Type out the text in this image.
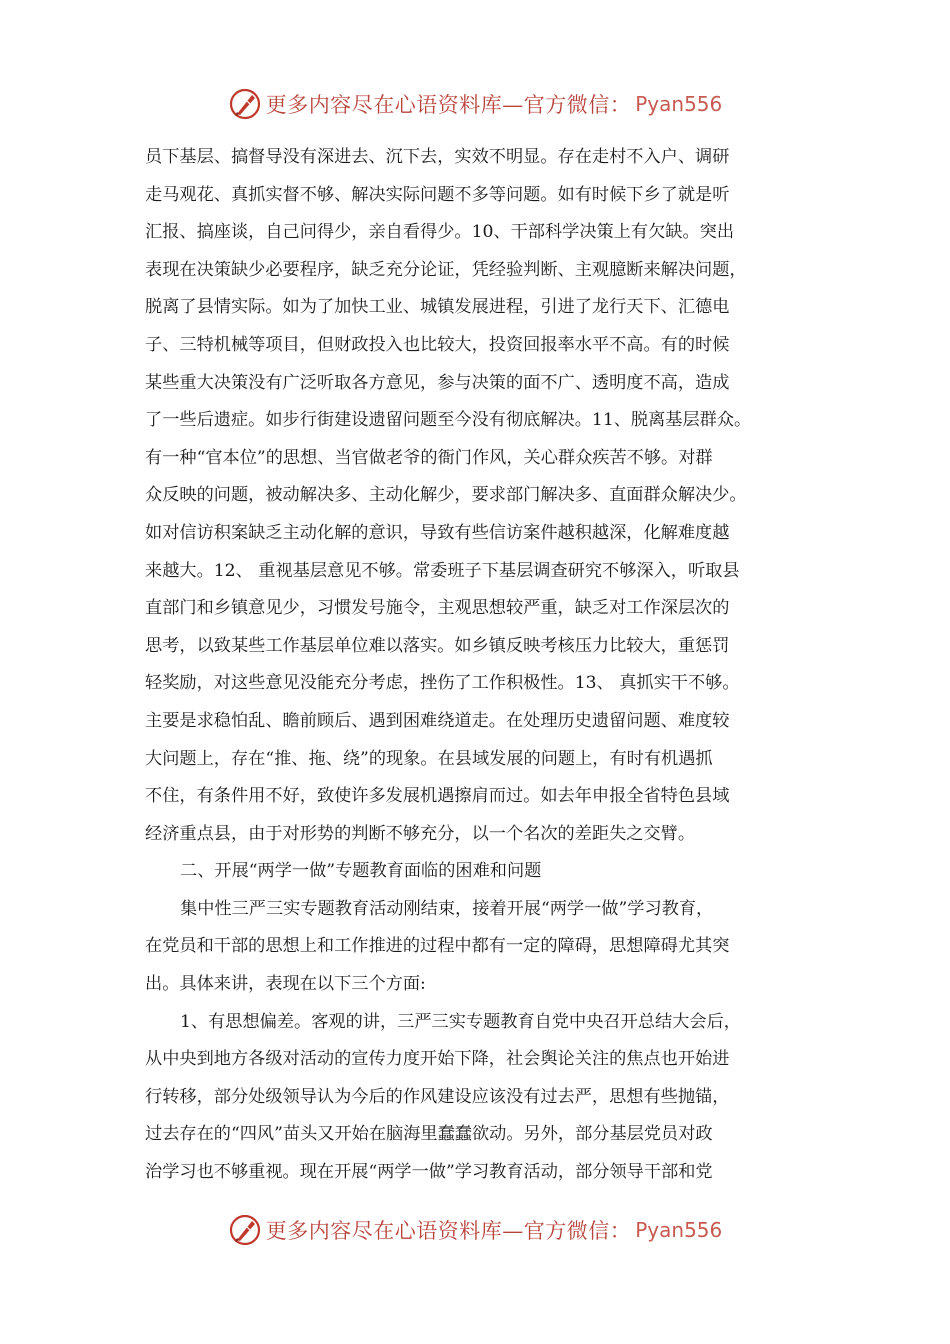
更多内容尽在心语资料库—官方微信： Pyan556
员下基层、搞督导没有深进去、沉下去，实效不明显。存在走村不入户、调研
走马观花、真抓实督不够、解决实际问题不多等问题。如有时候下乡了就是听
汇报、搞座谈，自己问得少，亲自看得少。10、干部科学决策上有欠缺。突出
表现在决策缺少必要程序，缺乏充分论证，凭经验判断、主观臆断来解决问题，
脱离了县情实际。如为了加快工业、城镇发展进程，引进了龙行天下、汇德电
子、三特机械等项目，但财政投入也比较大，投资回报率水平不高。有的时候
某些重大决策没有广泛听取各方意见，参与决策的面不广、透明度不高，造成
了一些后遗症。如步行街建设遗留问题至今没有彻底解决。11、脱离基层群众。
有一种“官本位”的思想、当官做老爷的衙门作风，关心群众疾苦不够。对群
众反映的问题，被动解决多、主动化解少，要求部门解决多、直面群众解决少。
如对信访积案缺乏主动化解的意识，导致有些信访案件越积越深，化解难度越
来越大。12、 重视基层意见不够。常委班子下基层调查研究不够深入，听取县
直部门和乡镇意见少，习惯发号施令，主观思想较严重，缺乏对工作深层次的
思考，以致某些工作基层单位难以落实。如乡镇反映考核压力比较大，重惩罚
轻奖励，对这些意见没能充分考虑，挫伤了工作积极性。13、 真抓实干不够。
主要是求稳怕乱、瞻前顾后、遇到困难绕道走。在处理历史遗留问题、难度较
大问题上，存在“推、拖、绕”的现象。在县域发展的问题上，有时有机遇抓
不住，有条件用不好，致使许多发展机遇擦肩而过。如去年申报全省特色县域
经济重点县，由于对形势的判断不够充分，以一个名次的差距失之交臂。
二、开展“两学一做”专题教育面临的困难和问题
集中性三严三实专题教育活动刚结束，接着开展“两学一做”学习教育，
在党员和干部的思想上和工作推进的过程中都有一定的障碍，思想障碍尤其突
出。具体来讲，表现在以下三个方面:
1、有思想偏差。客观的讲，三严三实专题教育自党中央召开总结大会后，
从中央到地方各级对活动的宣传力度开始下降，社会舆论关注的焦点也开始进
行转移，部分处级领导认为今后的作风建设应该没有过去严，思想有些抛锚，
过去存在的“四风”苗头又开始在脑海里蠢蠢欲动。另外，部分基层党员对政
治学习也不够重视。现在开展“两学一做”学习教育活动，部分领导干部和党
更多内容尽在心语资料库—官方微信： Pyan556
